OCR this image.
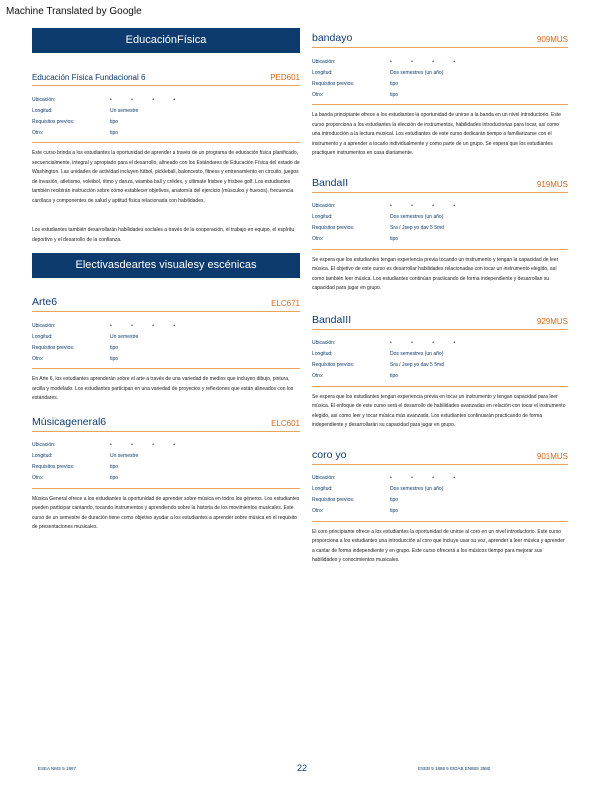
Machine Translated by Google
EducaciónFísica
Educación Física Fundacional 6	PED601
Ubicación:	• • • •
Longitud:	Un semestre
Requisitos previos:	tipo
Otro:	tipo

Este curso brinda a los estudiantes la oportunidad de aprender a través de un programa de educación física planificado, secuencialmente, integral y apropiado para el desarrollo, alineado con los Estándares de Educación Física del estado de Washington. Las unidades de actividad incluyen fútbol, pickleball, baloncesto, fitness y entrenamiento en circuito, juegos de invasión, atletismo, voleibol, ritmo y danza, wiamba ball y crédex, y ultimate frisbee y frisbee golf. Los estudiantes también recibirán instrucción sobre cómo establecer objetivos, anatomía del ejercicio (músculos y huesos), frecuencia cardíaca y componentes de salud y aptitud física relacionada con habilidades.

Los estudiantes también desarrollarán habilidades sociales a través de la cooperación, el trabajo en equipo, el espíritu deportivo y el desarrollo de la confianza.

Electivasdeartes visualesy escénicas
Arte6	ELC671
Ubicación:	• • • •
Longitud:	Un semestre
Requisitos previos:	tipo
Otro:	tipo

En Arte 6, los estudiantes aprenderán sobre el arte a través de una variedad de medios que incluyen dibujo, pintura, arcilla y modelado. Los estudiantes participan en una variedad de proyectos y reflexiones que están alineados con los estándares.

Músicageneral6	ELC601
Ubicación:	• • • •
Longitud:	Un semestre
Requisitos previos:	tipo
Otro:	tipo

Música General ofrece a los estudiantes la oportunidad de aprender sobre música en todos los géneros. Los estudiantes pueden participar cantando, tocando instrumentos y aprendiendo sobre la historia de los movimientos musicales. Este curso de un semestre de duración tiene como objetivo ayudar a los estudiantes a aprender sobre música en el requisito de presentaciones musicales.

bandayo	909MUS
Ubicación:	• • • •
Longitud:	Dos semestres (un año)
Requisitos previos:	tipo
Otro:	tipo

La banda principiante ofrece a los estudiantes la oportunidad de unirse a la banda en un nivel introductorio. Este curso proporciona a los estudiantes la elección de instrumentos, habilidades introductorias para tocar, así como una introducción a la lectura musical. Los estudiantes de este curso dedicarán tiempo a familiarizarse con el instrumento y a aprender a tocarlo individualmente y como parte de un grupo. Se espera que los estudiantes practiquen instrumentos en casa diariamente.

BandaII	919MUS
Ubicación:	• • • •
Longitud:	Dos semestres (un año)
Requisitos previos:	Sra / Jsep yo dav 5 5md
Otro:	tipo

Se espera que los estudiantes tengan experiencia previa tocando un instrumento y tengan la capacidad de leer música. El objetivo de este curso es desarrollar habilidades relacionadas con tocar un instrumento elegido, así como también leer música. Los estudiantes continúan practicando de forma independiente y desarrollan su capacidad para jugar en grupo.

BandaIII	929MUS
Ubicación:	• • • •
Longitud:	Dos semestres (un año)
Requisitos previos:	Sra / Jsep yo dav 5 5md
Otro:	tipo

Se espera que los estudiantes tengan experiencia previa en tocar un instrumento y tengan capacidad para leer música. El enfoque de este curso será el desarrollo de habilidades avanzadas en relación con tocar el instrumento elegido, así como leer y tocar música más avanzada. Los estudiantes continuarán practicando de forma independiente y desarrollarán su capacidad para jugar en grupo.

coro yo	901MUS
Ubicación:	• • • •
Longitud:	Dos semestres (un año)
Requisitos previos:	tipo
Otro:	tipo

El coro principiante ofrece a los estudiantes la oportunidad de unirse al coro en un nivel introductorio. Este curso proporciona a los estudiantes una introducción al coro que incluye usar su voz, aprender a leer música y aprender a cantar de forma independiente y en grupo. Este curso ofrecerá a los músicos tiempo para mejorar sus habilidades y conocimientos musicales.

ESEA NMS 5 1997	22	ESEB 5 1888 5 EIDAB EN88S 3580
